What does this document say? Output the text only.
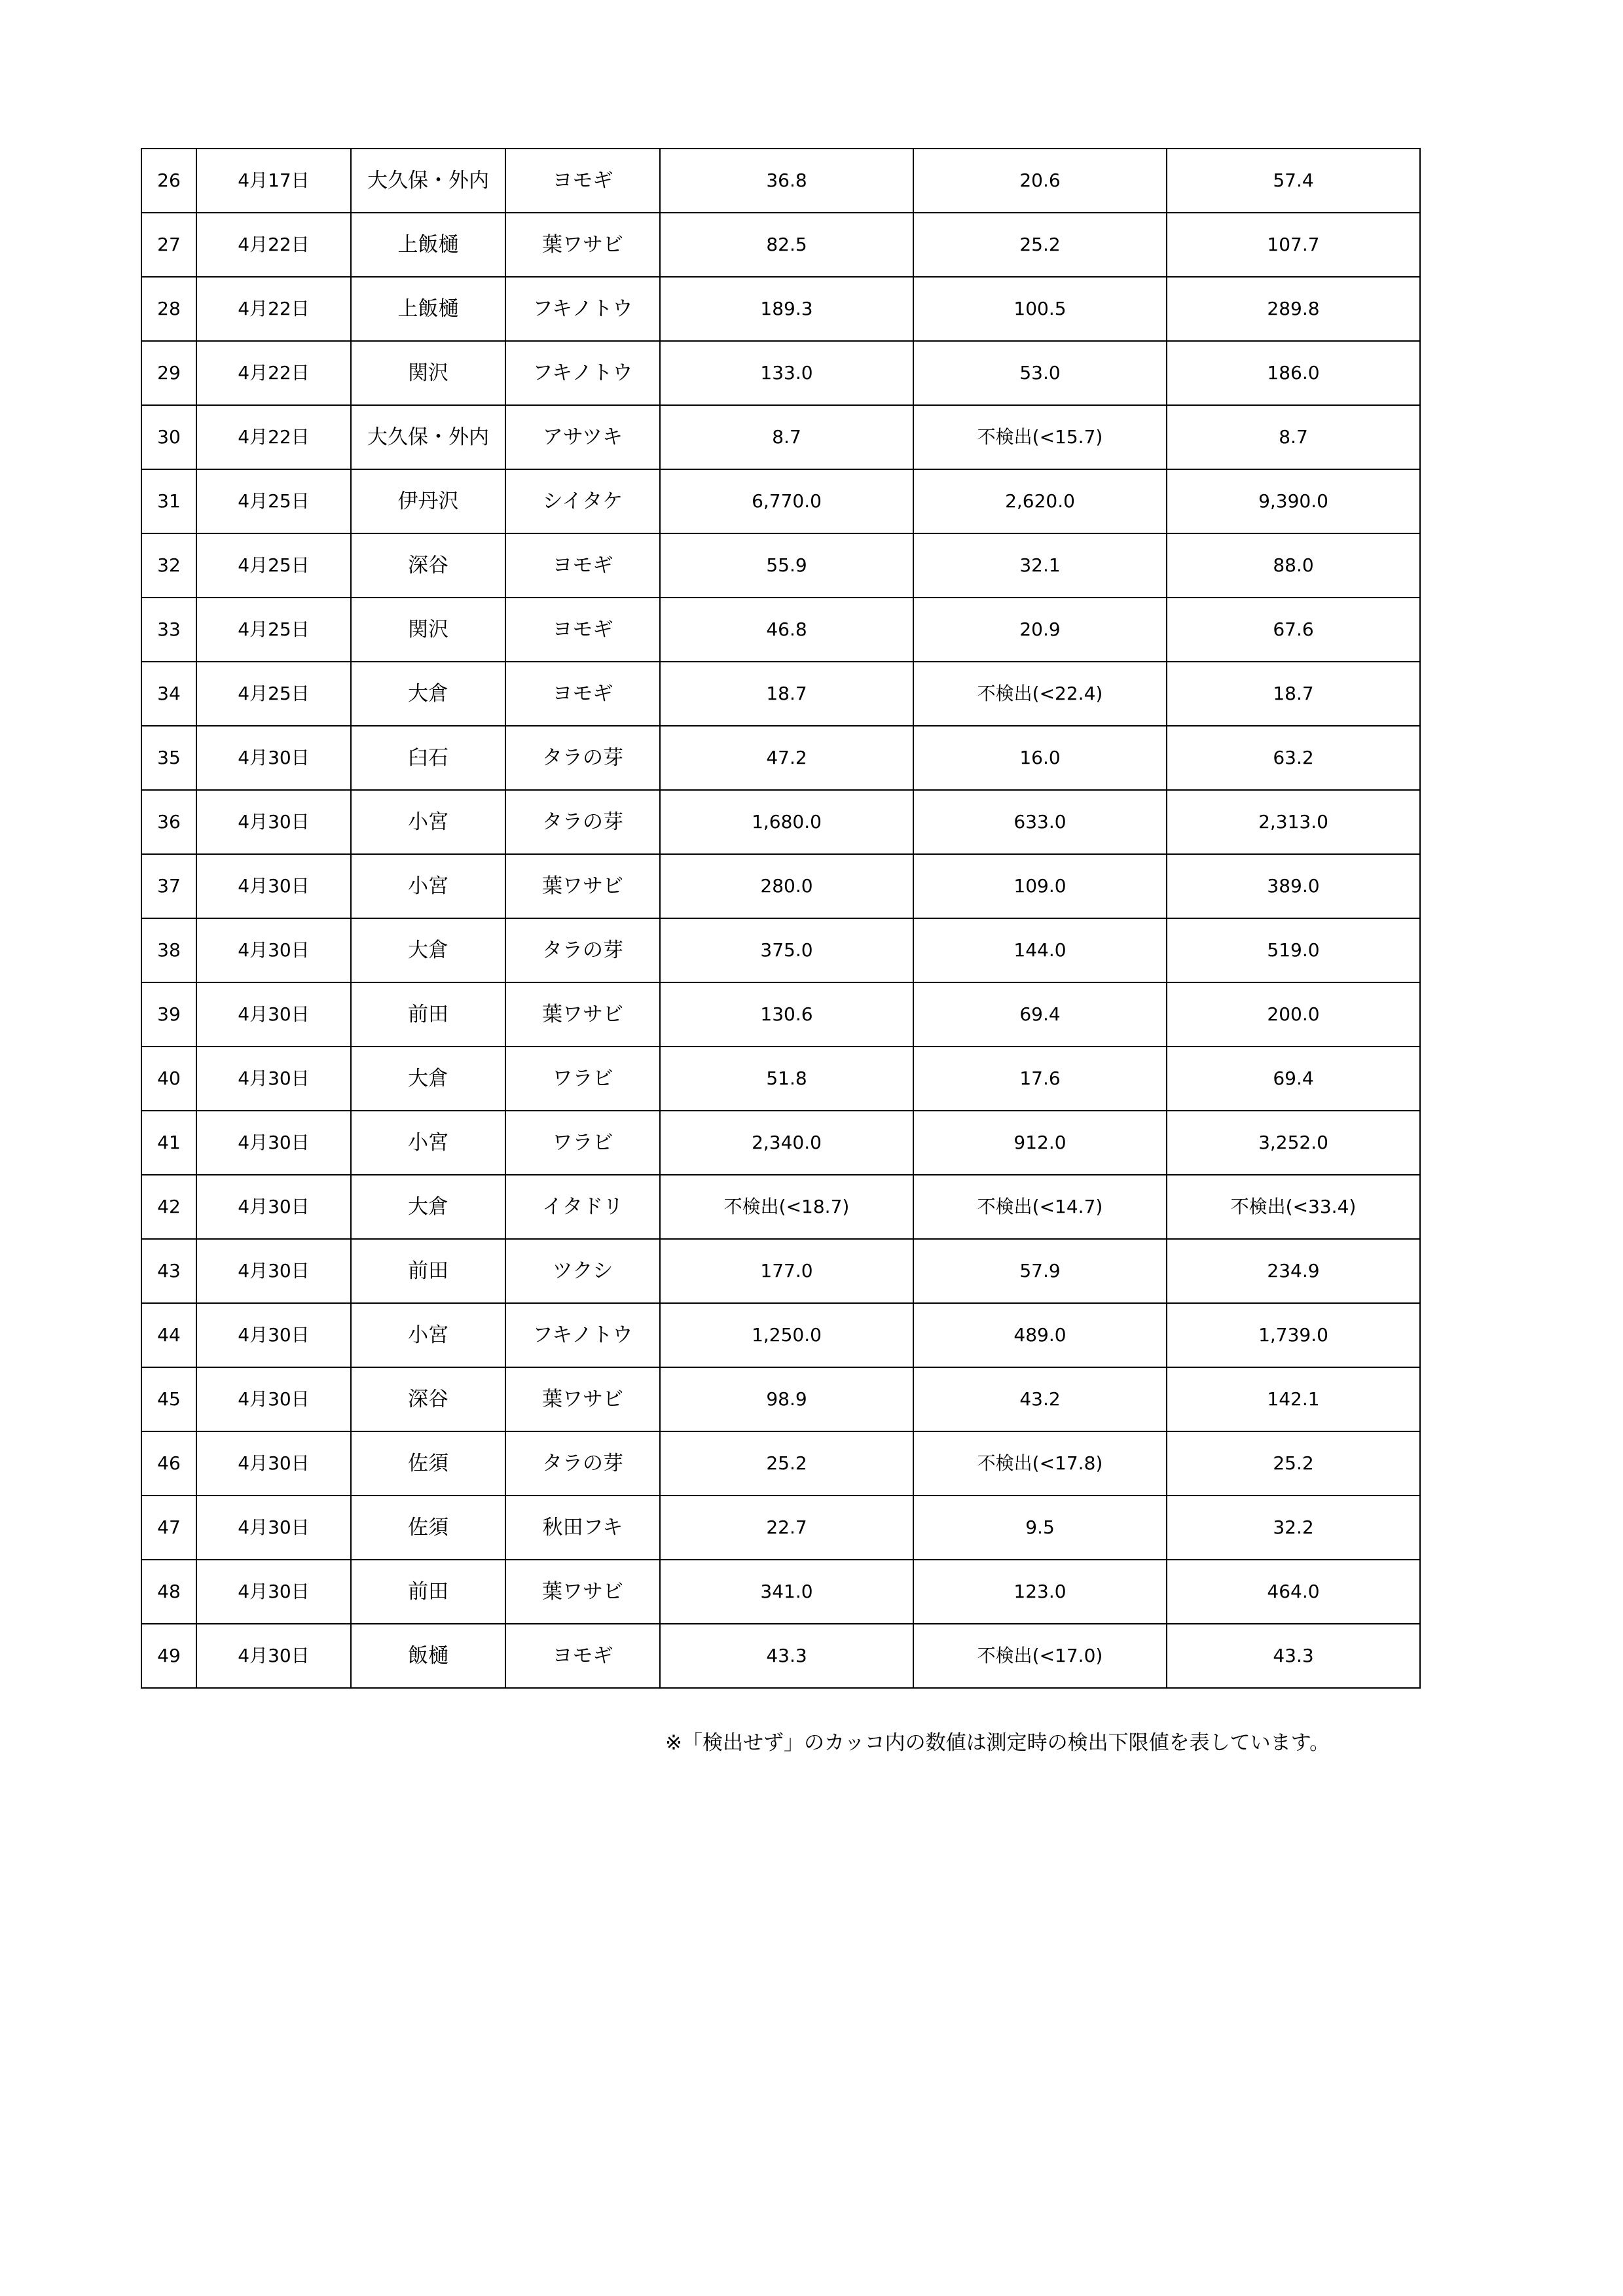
26	4月17日	大久保・外内	ヨモギ	36.8	20.6	57.4
27	4月22日	上飯樋	葉ワサビ	82.5	25.2	107.7
28	4月22日	上飯樋	フキノトウ	189.3	100.5	289.8
29	4月22日	関沢	フキノトウ	133.0	53.0	186.0
30	4月22日	大久保・外内	アサツキ	8.7	不検出(<15.7)	8.7
31	4月25日	伊丹沢	シイタケ	6,770.0	2,620.0	9,390.0
32	4月25日	深谷	ヨモギ	55.9	32.1	88.0
33	4月25日	関沢	ヨモギ	46.8	20.9	67.6
34	4月25日	大倉	ヨモギ	18.7	不検出(<22.4)	18.7
35	4月30日	臼石	タラの芽	47.2	16.0	63.2
36	4月30日	小宮	タラの芽	1,680.0	633.0	2,313.0
37	4月30日	小宮	葉ワサビ	280.0	109.0	389.0
38	4月30日	大倉	タラの芽	375.0	144.0	519.0
39	4月30日	前田	葉ワサビ	130.6	69.4	200.0
40	4月30日	大倉	ワラビ	51.8	17.6	69.4
41	4月30日	小宮	ワラビ	2,340.0	912.0	3,252.0
42	4月30日	大倉	イタドリ	不検出(<18.7)	不検出(<14.7)	不検出(<33.4)
43	4月30日	前田	ツクシ	177.0	57.9	234.9
44	4月30日	小宮	フキノトウ	1,250.0	489.0	1,739.0
45	4月30日	深谷	葉ワサビ	98.9	43.2	142.1
46	4月30日	佐須	タラの芽	25.2	不検出(<17.8)	25.2
47	4月30日	佐須	秋田フキ	22.7	9.5	32.2
48	4月30日	前田	葉ワサビ	341.0	123.0	464.0
49	4月30日	飯樋	ヨモギ	43.3	不検出(<17.0)	43.3
※「検出せず」のカッコ内の数値は測定時の検出下限値を表しています。
